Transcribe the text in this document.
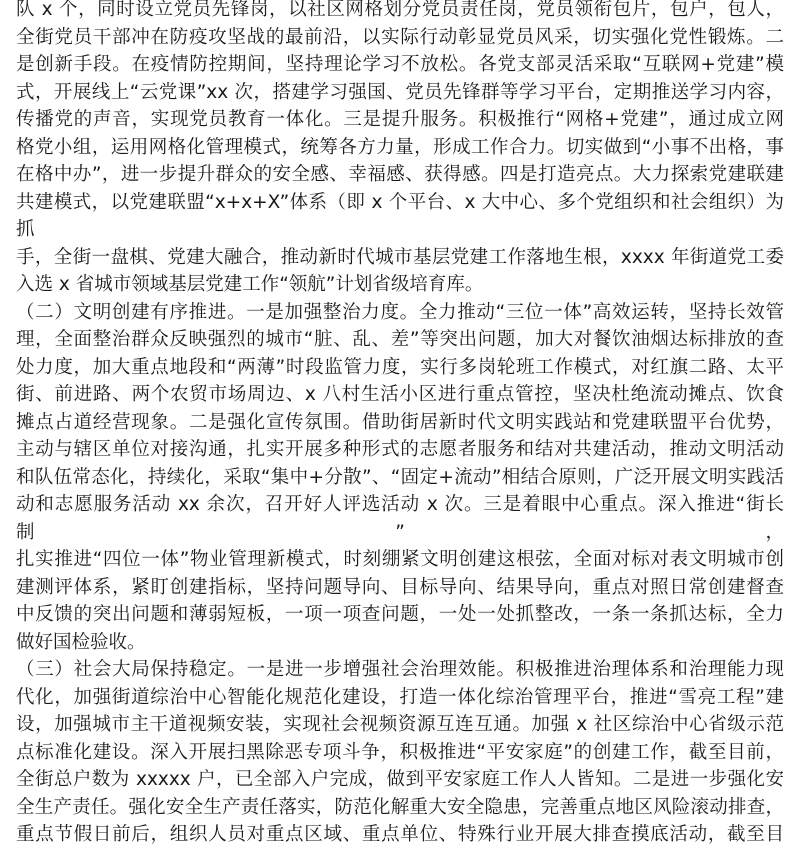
队 x 个，同时设立党员先锋岗，以社区网格划分党员责任岗，党员领衔包片，包户，包人，
全街党员干部冲在防疫攻坚战的最前沿，以实际行动彰显党员风采，切实强化党性锻炼。二
是创新手段。在疫情防控期间，坚持理论学习不放松。各党支部灵活采取“互联网+党建”模
式，开展线上“云党课”xx 次，搭建学习强国、党员先锋群等学习平台，定期推送学习内容，
传播党的声音，实现党员教育一体化。三是提升服务。积极推行“网格+党建”，通过成立网
格党小组，运用网格化管理模式，统筹各方力量，形成工作合力。切实做到“小事不出格，事
在格中办”，进一步提升群众的安全感、幸福感、获得感。四是打造亮点。大力探索党建联建
共建模式，以党建联盟“x+x+X”体系（即 x 个平台、x 大中心、多个党组织和社会组织）为抓
手，全街一盘棋、党建大融合，推动新时代城市基层党建工作落地生根，xxxx 年街道党工委
入选 x 省城市领域基层党建工作“领航”计划省级培育库。
（二）文明创建有序推进。一是加强整治力度。全力推动“三位一体”高效运转，坚持长效管
理，全面整治群众反映强烈的城市“脏、乱、差”等突出问题，加大对餐饮油烟达标排放的查
处力度，加大重点地段和“两薄”时段监管力度，实行多岗轮班工作模式，对红旗二路、太平
街、前进路、两个农贸市场周边、x 八村生活小区进行重点管控，坚决杜绝流动摊点、饮食
摊点占道经营现象。二是强化宣传氛围。借助街居新时代文明实践站和党建联盟平台优势，
主动与辖区单位对接沟通，扎实开展多种形式的志愿者服务和结对共建活动，推动文明活动
和队伍常态化，持续化，采取“集中+分散”、“固定+流动”相结合原则，广泛开展文明实践活
动和志愿服务活动 xx 余次，召开好人评选活动 x 次。三是着眼中心重点。深入推进“街长制”，
扎实推进“四位一体”物业管理新模式，时刻绷紧文明创建这根弦，全面对标对表文明城市创
建测评体系，紧盯创建指标，坚持问题导向、目标导向、结果导向，重点对照日常创建督查
中反馈的突出问题和薄弱短板，一项一项查问题，一处一处抓整改，一条一条抓达标，全力
做好国检验收。
（三）社会大局保持稳定。一是进一步增强社会治理效能。积极推进治理体系和治理能力现
代化，加强街道综治中心智能化规范化建设，打造一体化综治管理平台，推进“雪亮工程”建
设，加强城市主干道视频安装，实现社会视频资源互连互通。加强 x 社区综治中心省级示范
点标准化建设。深入开展扫黑除恶专项斗争，积极推进“平安家庭”的创建工作，截至目前，
全街总户数为 xxxxx 户，已全部入户完成，做到平安家庭工作人人皆知。二是进一步强化安
全生产责任。强化安全生产责任落实，防范化解重大安全隐患，完善重点地区风险滚动排查，
重点节假日前后，组织人员对重点区域、重点单位、特殊行业开展大排查摸底活动，截至目
